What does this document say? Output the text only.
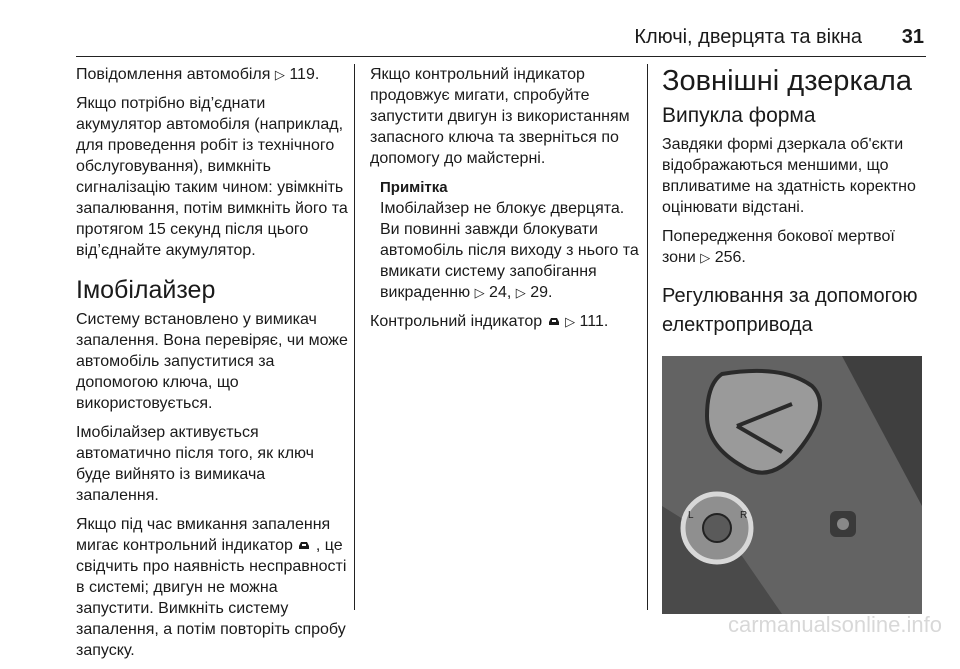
Ключі, дверцята та вікна 31

Повідомлення автомобіля ▷ 119.

Якщо потрібно від’єднати акумулятор автомобіля (наприклад, для проведення робіт із технічного обслуговування), вимкніть сигналізацію таким чином: увімкніть запалювання, потім вимкніть його та протягом 15 секунд після цього від’єднайте акумулятор.

Імобілайзер

Систему встановлено у вимикач запалення. Вона перевіряє, чи може автомобіль запуститися за допомогою ключа, що використовується.

Імобілайзер активується автоматично після того, як ключ буде вийнято із вимикача запалення.

Якщо під час вмикання запалення мигає контрольний індикатор , це свідчить про наявність несправності в системі; двигун не можна запустити. Вимкніть систему запалення, а потім повторіть спробу запуску.

Якщо контрольний індикатор продовжує мигати, спробуйте запустити двигун із використанням запасного ключа та зверніться по допомогу до майстерні.

Примітка

Імобілайзер не блокує дверцята. Ви повинні завжди блокувати автомобіль після виходу з нього та вмикати систему запобігання викраденню ▷ 24, ▷ 29.

Контрольний індикатор ▷ 111.

Зовнішні дзеркала
Випукла форма

Завдяки формі дзеркала об'єкти відображаються меншими, що впливатиме на здатність коректно оцінювати відстані.

Попередження бокової мертвої зони ▷ 256.

Регулювання за допомогою електропривода
L	R
carmanualsonline.info
